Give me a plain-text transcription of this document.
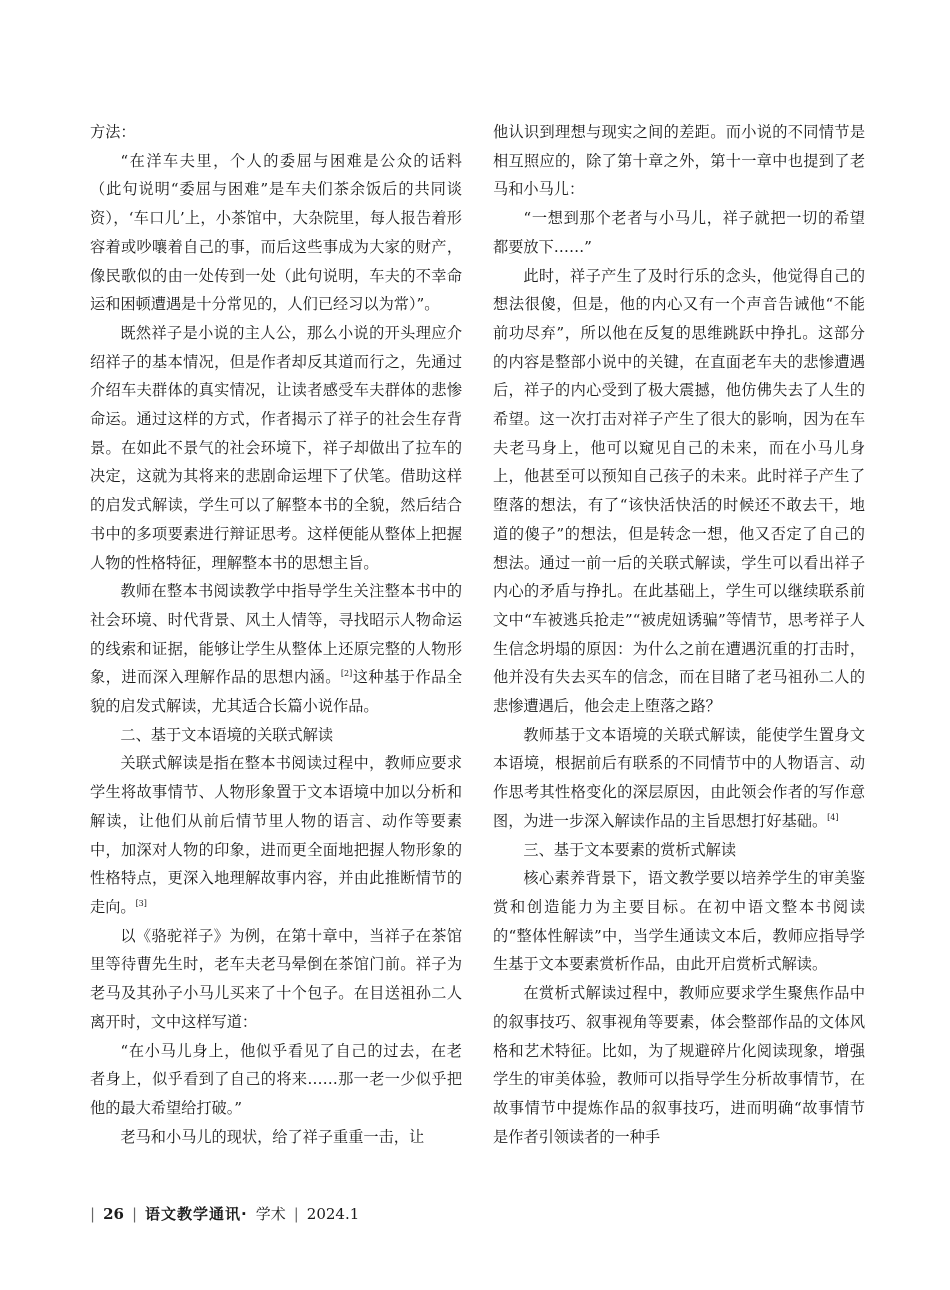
方法：

“在洋车夫里，个人的委屈与困难是公众的话料（此句说明“委屈与困难”是车夫们茶余饭后的共同谈资），‘车口儿’上，小茶馆中，大杂院里，每人报告着形容着或吵嚷着自己的事，而后这些事成为大家的财产，像民歌似的由一处传到一处（此句说明，车夫的不幸命运和困顿遭遇是十分常见的，人们已经习以为常）”。

既然祥子是小说的主人公，那么小说的开头理应介绍祥子的基本情况，但是作者却反其道而行之，先通过介绍车夫群体的真实情况，让读者感受车夫群体的悲惨命运。通过这样的方式，作者揭示了祥子的社会生存背景。在如此不景气的社会环境下，祥子却做出了拉车的决定，这就为其将来的悲剧命运埋下了伏笔。借助这样的启发式解读，学生可以了解整本书的全貌，然后结合书中的多项要素进行辩证思考。这样便能从整体上把握人物的性格特征，理解整本书的思想主旨。

教师在整本书阅读教学中指导学生关注整本书中的社会环境、时代背景、风土人情等，寻找昭示人物命运的线索和证据，能够让学生从整体上还原完整的人物形象，进而深入理解作品的思想内涵。[2]这种基于作品全貌的启发式解读，尤其适合长篇小说作品。

二、基于文本语境的关联式解读

关联式解读是指在整本书阅读过程中，教师应要求学生将故事情节、人物形象置于文本语境中加以分析和解读，让他们从前后情节里人物的语言、动作等要素中，加深对人物的印象，进而更全面地把握人物形象的性格特点，更深入地理解故事内容，并由此推断情节的走向。[3]

以《骆驼祥子》为例，在第十章中，当祥子在茶馆里等待曹先生时，老车夫老马晕倒在茶馆门前。祥子为老马及其孙子小马儿买来了十个包子。在目送祖孙二人离开时，文中这样写道：

“在小马儿身上，他似乎看见了自己的过去，在老者身上，似乎看到了自己的将来……那一老一少似乎把他的最大希望给打破。”

老马和小马儿的现状，给了祥子重重一击，让

他认识到理想与现实之间的差距。而小说的不同情节是相互照应的，除了第十章之外，第十一章中也提到了老马和小马儿：

“一想到那个老者与小马儿，祥子就把一切的希望都要放下……”

此时，祥子产生了及时行乐的念头，他觉得自己的想法很傻，但是，他的内心又有一个声音告诫他“不能前功尽弃”，所以他在反复的思维跳跃中挣扎。这部分的内容是整部小说中的关键，在直面老车夫的悲惨遭遇后，祥子的内心受到了极大震撼，他仿佛失去了人生的希望。这一次打击对祥子产生了很大的影响，因为在车夫老马身上，他可以窥见自己的未来，而在小马儿身上，他甚至可以预知自己孩子的未来。此时祥子产生了堕落的想法，有了“该快活快活的时候还不敢去干，地道的傻子”的想法，但是转念一想，他又否定了自己的想法。通过一前一后的关联式解读，学生可以看出祥子内心的矛盾与挣扎。在此基础上，学生可以继续联系前文中“车被逃兵抢走”“被虎妞诱骗”等情节，思考祥子人生信念坍塌的原因：为什么之前在遭遇沉重的打击时，他并没有失去买车的信念，而在目睹了老马祖孙二人的悲惨遭遇后，他会走上堕落之路？

教师基于文本语境的关联式解读，能使学生置身文本语境，根据前后有联系的不同情节中的人物语言、动作思考其性格变化的深层原因，由此领会作者的写作意图，为进一步深入解读作品的主旨思想打好基础。[4]

三、基于文本要素的赏析式解读

核心素养背景下，语文教学要以培养学生的审美鉴赏和创造能力为主要目标。在初中语文整本书阅读的“整体性解读”中，当学生通读文本后，教师应指导学生基于文本要素赏析作品，由此开启赏析式解读。

在赏析式解读过程中，教师应要求学生聚焦作品中的叙事技巧、叙事视角等要素，体会整部作品的文体风格和艺术特征。比如，为了规避碎片化阅读现象，增强学生的审美体验，教师可以指导学生分析故事情节，在故事情节中提炼作品的叙事技巧，进而明确“故事情节是作者引领读者的一种手

| 26 | 语文教学通讯· 学术 | 2024.1
